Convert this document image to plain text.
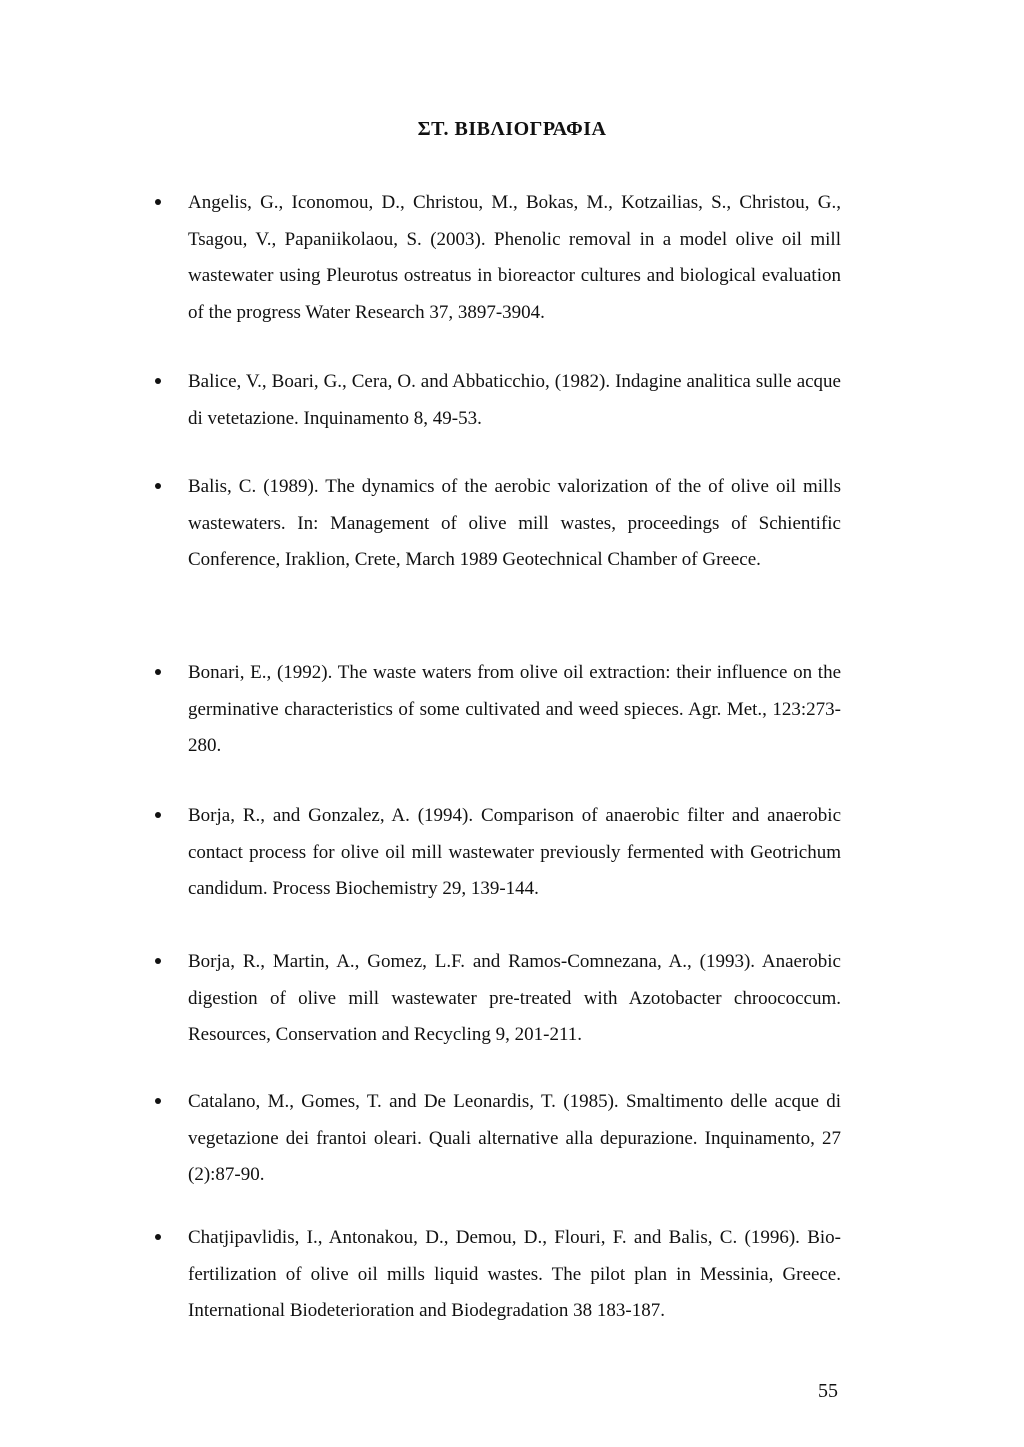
ΣΤ. ΒΙΒΛΙΟΓΡΑΦΙΑ
Angelis, G., Iconomou, D., Christou, M., Bokas, M., Kotzailias, S., Christou, G., Tsagou, V., Papaniikolaou, S. (2003). Phenolic removal in a model olive oil mill wastewater using Pleurotus ostreatus in bioreactor cultures and biological evaluation of the progress Water Research 37, 3897-3904.
Balice, V., Boari, G., Cera, O. and Abbaticchio, (1982). Indagine analitica sulle acque di vetetazione. Inquinamento 8, 49-53.
Balis, C. (1989). The dynamics of the aerobic valorization of the of olive oil mills wastewaters. In: Management of olive mill wastes, proceedings of Schientific Conference, Iraklion, Crete, March 1989 Geotechnical Chamber of Greece.
Bonari, E., (1992). The waste waters from olive oil extraction: their influence on the germinative characteristics of some cultivated and weed spieces. Agr. Met., 123:273-280.
Borja, R., and Gonzalez, A. (1994). Comparison of anaerobic filter and anaerobic contact process for olive oil mill wastewater previously fermented with Geotrichum candidum. Process Biochemistry 29, 139-144.
Borja, R., Martin, A., Gomez, L.F. and Ramos-Comnezana, A., (1993). Anaerobic digestion of olive mill wastewater pre-treated with Azotobacter chroococcum. Resources, Conservation and Recycling 9, 201-211.
Catalano, M., Gomes, T. and De Leonardis, T. (1985). Smaltimento delle acque di vegetazione dei frantoi oleari. Quali alternative alla depurazione. Inquinamento, 27 (2):87-90.
Chatjipavlidis, I., Antonakou, D., Demou, D., Flouri, F. and Balis, C. (1996). Bio-fertilization of olive oil mills liquid wastes. The pilot plan in Messinia, Greece. International Biodeterioration and Biodegradation 38 183-187.
55
